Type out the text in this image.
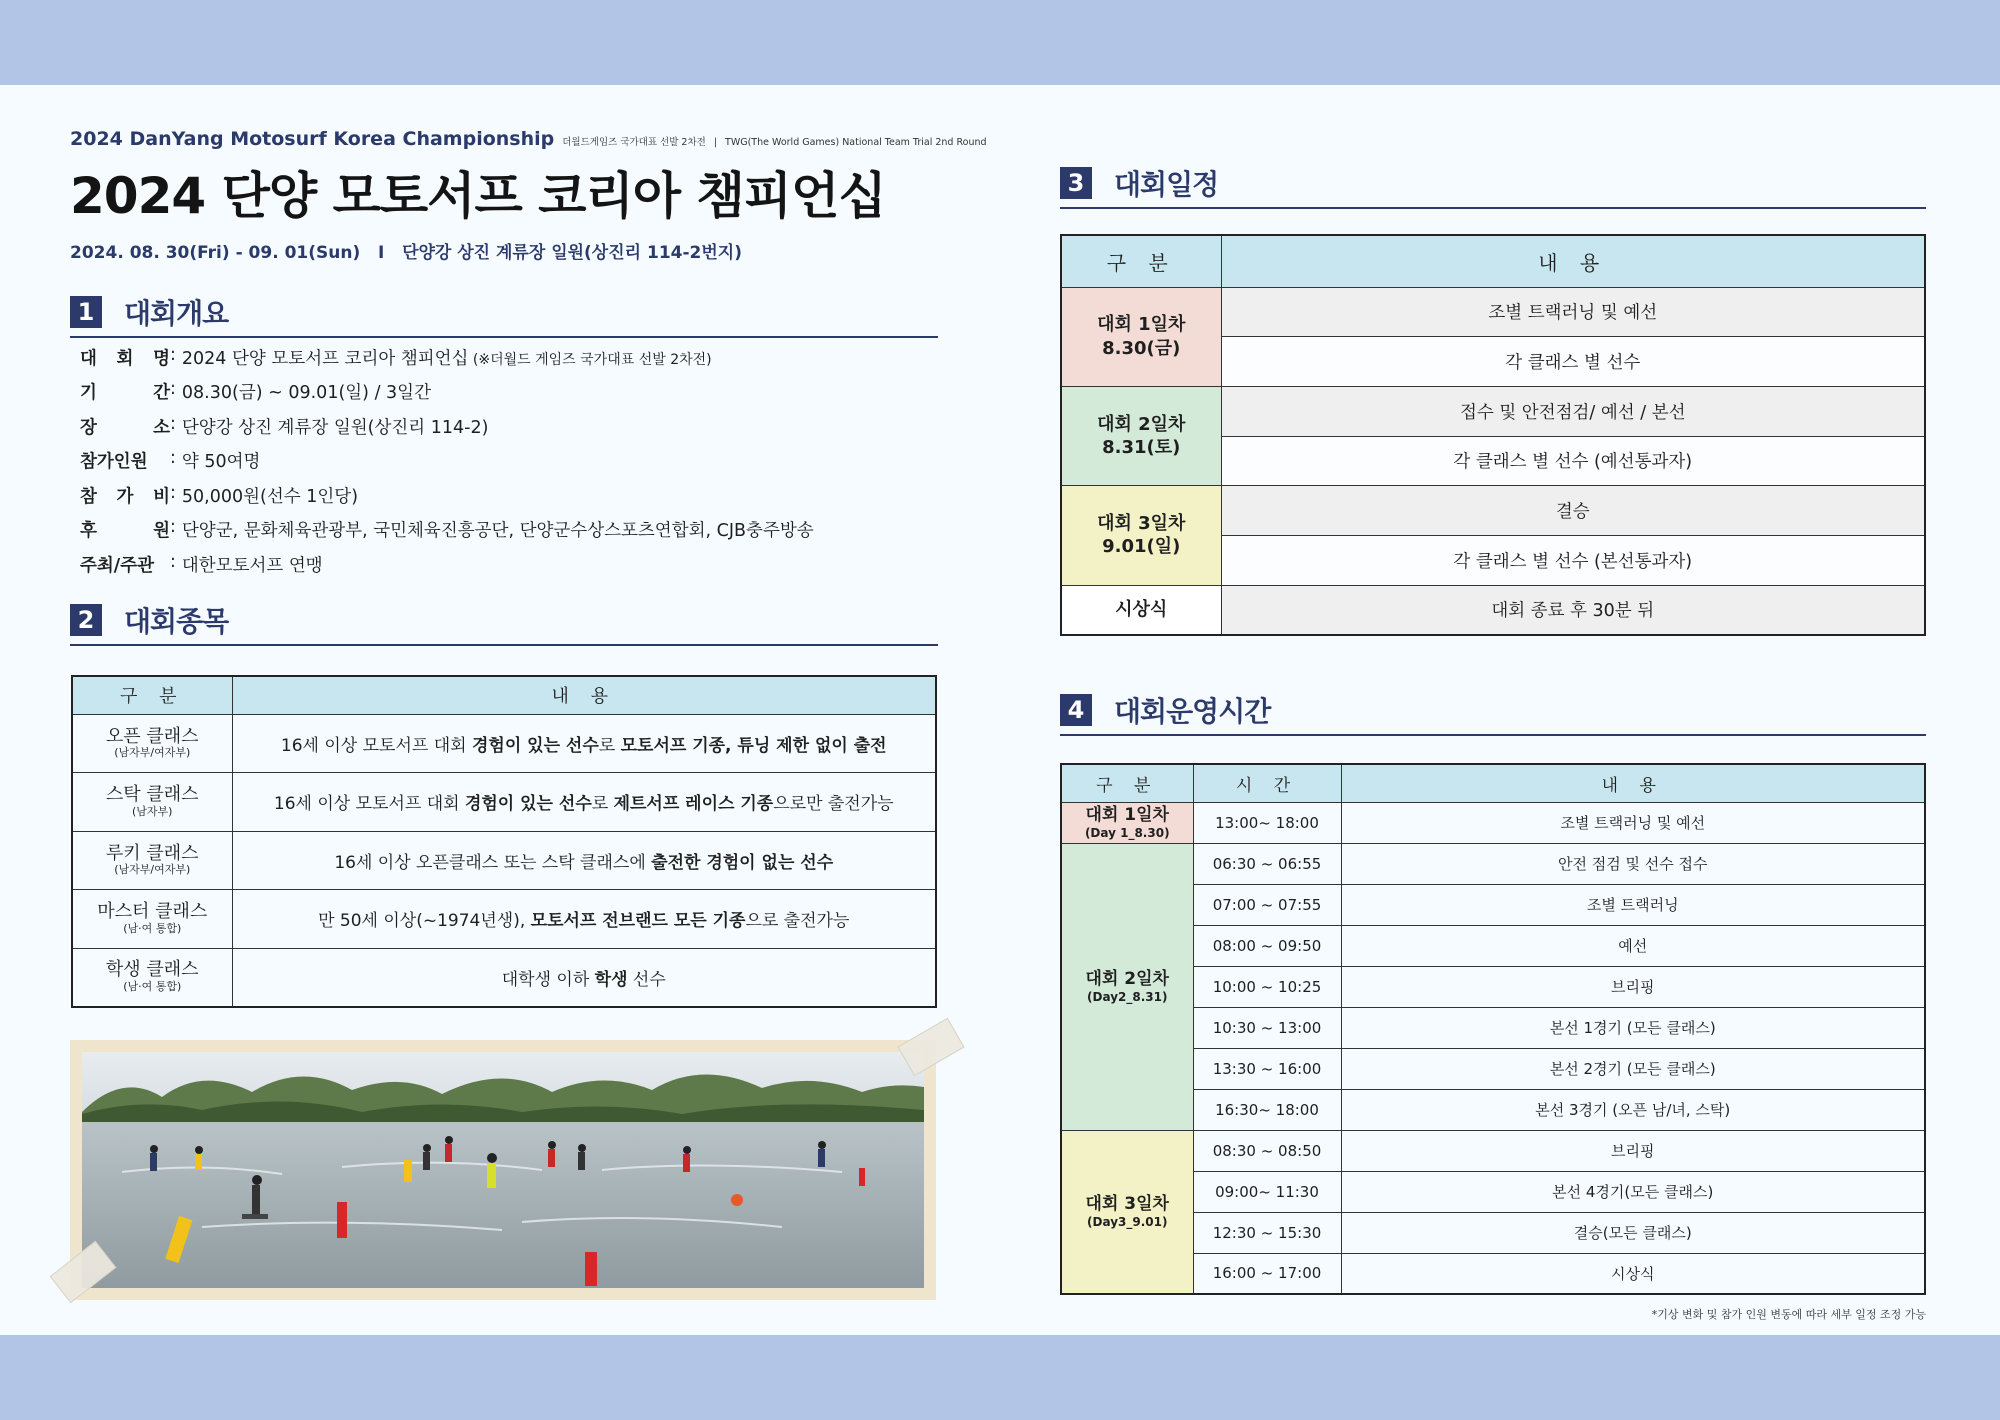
2024 DanYang Motosurf Korea Championship 더월드게임즈 국가대표 선발 2차전 | TWG(The World Games) National Team Trial 2nd Round
2024 단양 모토서프 코리아 챔피언십
2024. 08. 30(Fri) - 09. 01(Sun)   I   단양강 상진 계류장 일원(상진리 114-2번지)
1 대회개요
대 회 명 : 2024 단양 모토서프 코리아 챔피언십 (※더월드 게임즈 국가대표 선발 2차전)
기	간 : 08.30(금) ~ 09.01(일) / 3일간
장	소 : 단양강 상진 계류장 일원(상진리 114-2)
참가인원 : 약 50여명
참 가 비 : 50,000원(선수 1인당)
후	원 : 단양군, 문화체육관광부, 국민체육진흥공단, 단양군수상스포츠연합회, CJB충주방송
주최/주관 : 대한모토서프 연맹
2 대회종목
구 분	내 용
오픈 클래스
(남자부/여자부)	16세 이상 모토서프 대회 경험이 있는 선수로 모토서프 기종, 튜닝 제한 없이 출전
스탁 클래스
(남자부)	16세 이상 모토서프 대회 경험이 있는 선수로 제트서프 레이스 기종으로만 출전가능
루키 클래스
(남자부/여자부)	16세 이상 오픈클래스 또는 스탁 클래스에 출전한 경험이 없는 선수
마스터 클래스
(남·여 통합)	만 50세 이상(~1974년생), 모토서프 전브랜드 모든 기종으로 출전가능
학생 클래스
(남·여 통합)	대학생 이하 학생 선수
3 대회일정
구 분	내 용

대회 1일차
8.30(금)	조별 트랙러닝 및 예선
	각 클래스 별 선수

대회 2일차
8.31(토)	접수 및 안전점검/ 예선 / 본선
	각 클래스 별 선수 (예선통과자)

대회 3일차
9.01(일)	결승
	각 클래스 별 선수 (본선통과자)

시상식	대회 종료 후 30분 뒤
4 대회운영시간
구 분	시 간	내 용

대회 1일차
(Day 1_8.30)	13:00~ 18:00	조별 트랙러닝 및 예선

대회 2일차
(Day2_8.31)	06:30 ~ 06:55	안전 점검 및 선수 접수
	07:00 ~ 07:55	조별 트랙러닝
	08:00 ~ 09:50	예선
	10:00 ~ 10:25	브리핑
	10:30 ~ 13:00	본선 1경기 (모든 클래스)
	13:30 ~ 16:00	본선 2경기 (모든 클래스)
	16:30~ 18:00	본선 3경기 (오픈 남/녀, 스탁)

대회 3일차
(Day3_9.01)	08:30 ~ 08:50	브리핑
	09:00~ 11:30	본선 4경기(모든 클래스)
	12:30 ~ 15:30	결승(모든 클래스)
	16:00 ~ 17:00	시상식
*기상 변화 및 참가 인원 변동에 따라 세부 일정 조정 가능
